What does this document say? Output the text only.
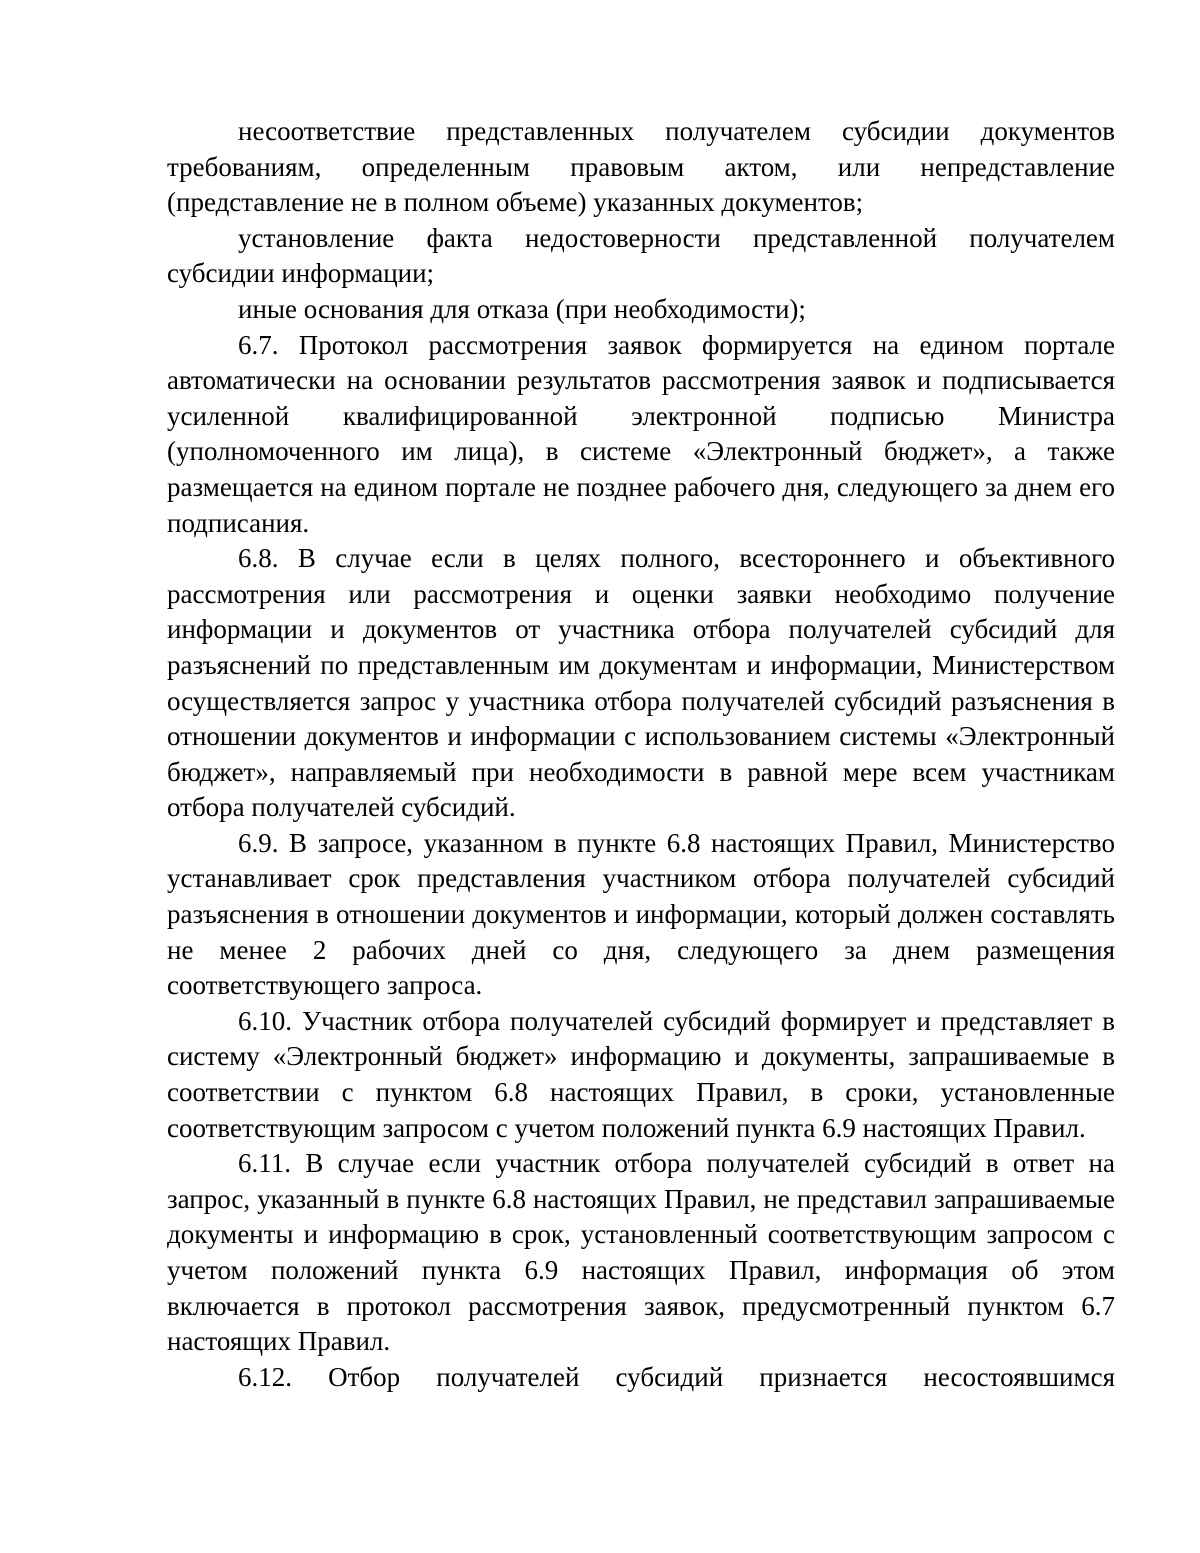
несоответствие представленных получателем субсидии документов требованиям, определенным правовым актом, или непредставление (представление не в полном объеме) указанных документов;

установление факта недостоверности представленной получателем субсидии информации;

иные основания для отказа (при необходимости);

6.7. Протокол рассмотрения заявок формируется на едином портале автоматически на основании результатов рассмотрения заявок и подписывается усиленной квалифицированной электронной подписью Министра (уполномоченного им лица), в системе «Электронный бюджет», а также размещается на едином портале не позднее рабочего дня, следующего за днем его подписания.

6.8. В случае если в целях полного, всестороннего и объективного рассмотрения или рассмотрения и оценки заявки необходимо получение информации и документов от участника отбора получателей субсидий для разъяснений по представленным им документам и информации, Министерством осуществляется запрос у участника отбора получателей субсидий разъяснения в отношении документов и информации с использованием системы «Электронный бюджет», направляемый при необходимости в равной мере всем участникам отбора получателей субсидий.

6.9. В запросе, указанном в пункте 6.8 настоящих Правил, Министерство устанавливает срок представления участником отбора получателей субсидий разъяснения в отношении документов и информации, который должен составлять не менее 2 рабочих дней со дня, следующего за днем размещения соответствующего запроса.

6.10. Участник отбора получателей субсидий формирует и представляет в систему «Электронный бюджет» информацию и документы, запрашиваемые в соответствии с пунктом 6.8 настоящих Правил, в сроки, установленные соответствующим запросом с учетом положений пункта 6.9 настоящих Правил.

6.11. В случае если участник отбора получателей субсидий в ответ на запрос, указанный в пункте 6.8 настоящих Правил, не представил запрашиваемые документы и информацию в срок, установленный соответствующим запросом с учетом положений пункта 6.9 настоящих Правил, информация об этом включается в протокол рассмотрения заявок, предусмотренный пунктом 6.7 настоящих Правил.

6.12. Отбор получателей субсидий признается несостоявшимся
